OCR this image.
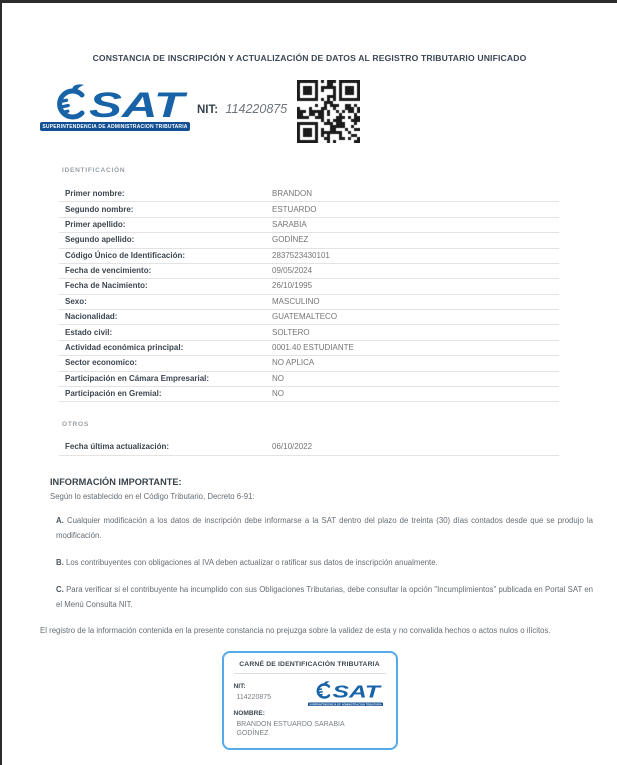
CONSTANCIA DE INSCRIPCIÓN Y ACTUALIZACIÓN DE DATOS AL REGISTRO TRIBUTARIO UNIFICADO
SAT
SUPERINTENDENCIA DE ADMINISTRACION TRIBUTARIA
NIT: 114220875
IDENTIFICACIÓN
Primer nombre:	BRANDON
Segundo nombre:	ESTUARDO
Primer apellido:	SARABIA
Segundo apellido:	GODÍNEZ
Código Único de Identificación:	2837523430101
Fecha de vencimiento:	09/05/2024
Fecha de Nacimiento:	26/10/1995
Sexo:	MASCULINO
Nacionalidad:	GUATEMALTECO
Estado civil:	SOLTERO
Actividad económica principal:	0001.40 ESTUDIANTE
Sector economico:	NO APLICA
Participación en Cámara Empresarial:	NO
Participación en Gremial:	NO
OTROS
Fecha última actualización:	06/10/2022
INFORMACIÓN IMPORTANTE:
Según lo establecido en el Código Tributario, Decreto 6-91:

A. Cualquier modificación a los datos de inscripción debe informarse a la SAT dentro del plazo de treinta (30) días contados desde que se produjo la modificación.

B. Los contribuyentes con obligaciones al IVA deben actualizar o ratificar sus datos de inscripción anualmente.

C. Para verificar si el contribuyente ha incumplido con sus Obligaciones Tributarias, debe consultar la opción "Incumplimientos" publicada en Portal SAT en el Menú Consulta NIT.

El registro de la información contenida en la presente constancia no prejuzga sobre la validez de esta y no convalida hechos o actos nulos o ilícitos.
CARNÉ DE IDENTIFICACIÓN TRIBUTARIA
NIT:
114220875 SAT
SUPERINTENDENCIA DE ADMINISTRACION TRIBUTARIA
NOMBRE:
BRANDON ESTUARDO SARABIA GODÍNEZ
